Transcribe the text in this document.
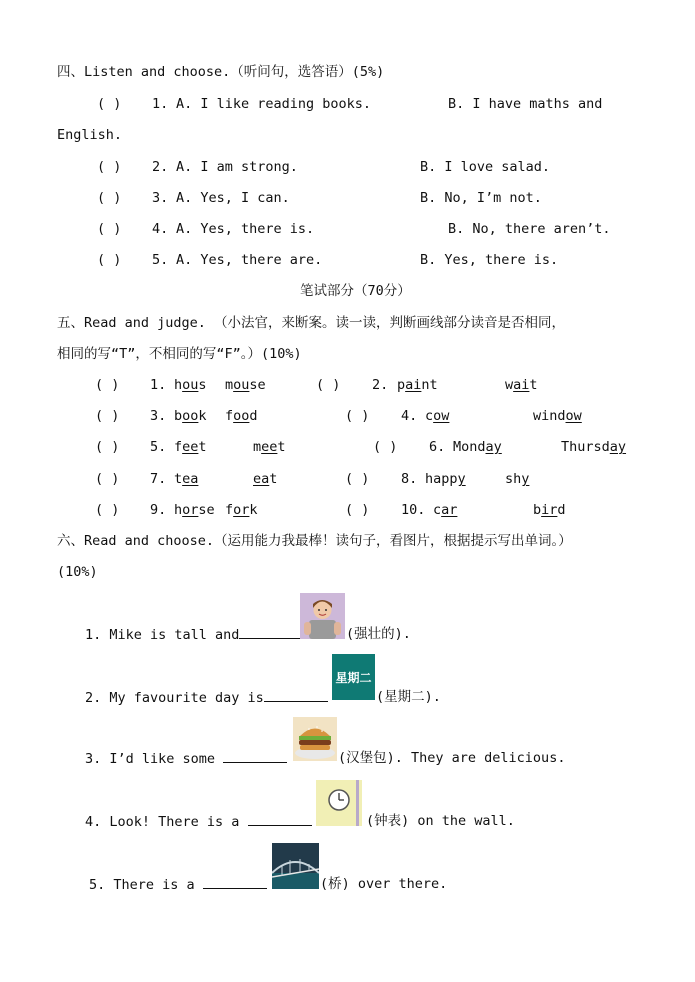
四、Listen and choose.（听问句，选答语）(5%)
( ) 1. A. I like reading books.	B. I have maths and
English.
( ) 2. A. I am strong.	B. I love salad.
( ) 3. A. Yes, I can.	B. No, I’m not.
( ) 4. A. Yes, there is.	B. No, there aren’t.
( ) 5. A. Yes, there are.	B. Yes, there is.
笔试部分（70分）
五、Read and judge. （小法官，来断案。读一读，判断画线部分读音是否相同，
相同的写“T”，不相同的写“F”。）(10%)
( ) 1. hous mouse	( ) 2. paint	wait
( ) 3. book food	( ) 4. cow	window
( ) 5. feet	meet	( ) 6. Monday	Thursday
( ) 7. tea	eat	( ) 8. happy	shy
( ) 9. horse fork	( ) 10. car	bird
六、Read and choose.（运用能力我最棒！读句子，看图片，根据提示写出单词。）
(10%)
1. Mike is tall and	(强壮的).
2. My favourite day is
星期二
(星期二).
3. I’d like some	(汉堡包). They are delicious.
4. Look! There is a	(钟表) on the wall.
5. There is a	(桥) over there.
